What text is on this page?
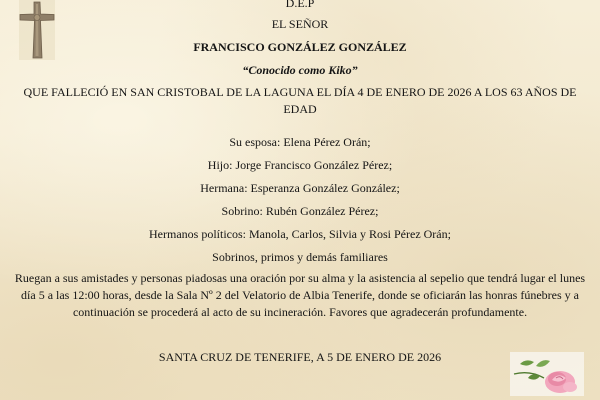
D.E.P
EL SEÑOR
FRANCISCO GONZÁLEZ GONZÁLEZ
“Conocido como Kiko”
QUE FALLECIÓ EN SAN CRISTOBAL DE LA LAGUNA EL DÍA 4 DE ENERO DE 2026 A LOS 63 AÑOS DE EDAD
Su esposa: Elena Pérez Orán;
Hijo: Jorge Francisco González Pérez;
Hermana: Esperanza González González;
Sobrino: Rubén González Pérez;
Hermanos políticos: Manola, Carlos, Silvia y Rosi Pérez Orán;
Sobrinos, primos y demás familiares
Ruegan a sus amistades y personas piadosas una oración por su alma y la asistencia al sepelio que tendrá lugar el lunes día 5 a las 12:00 horas, desde la Sala Nº 2 del Velatorio de Albia Tenerife, donde se oficiarán las honras fúnebres y a continuación se procederá al acto de su incineración. Favores que agradecerán profundamente.
SANTA CRUZ DE TENERIFE, A 5 DE ENERO DE 2026
